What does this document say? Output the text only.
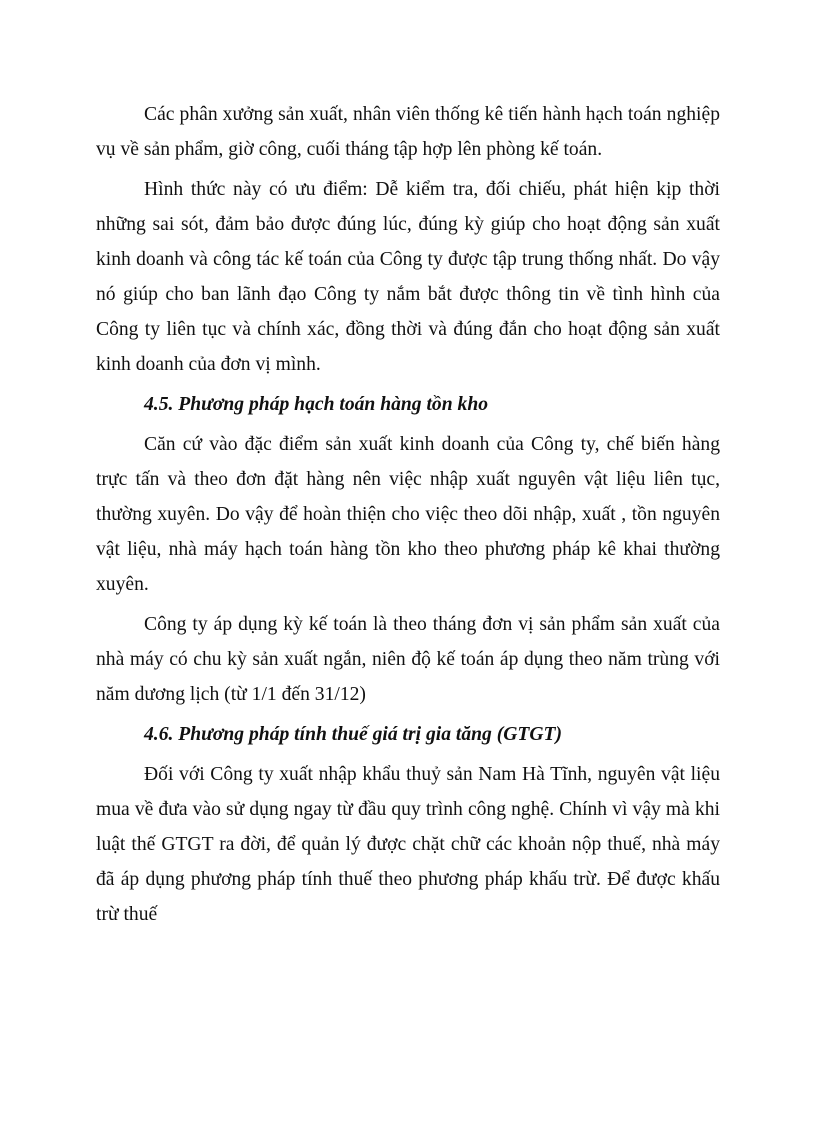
Các phân xưởng sản xuất, nhân viên thống kê tiến hành hạch toán nghiệp vụ về sản phẩm, giờ công, cuối tháng tập hợp lên phòng kế toán.

Hình thức này có ưu điểm: Dễ kiểm tra, đối chiếu, phát hiện kịp thời những sai sót, đảm bảo được đúng lúc, đúng kỳ giúp cho hoạt động sản xuất kinh doanh và công tác kế toán của Công ty được tập trung thống nhất. Do vậy nó giúp cho ban lãnh đạo Công ty nắm bắt được thông tin về tình hình của Công ty liên tục và chính xác, đồng thời và đúng đắn cho hoạt động sản xuất kinh doanh của đơn vị mình.

4.5. Phương pháp hạch toán hàng tồn kho

Căn cứ vào đặc điểm sản xuất kinh doanh của Công ty, chế biến hàng trực tấn và theo đơn đặt hàng nên việc nhập xuất nguyên vật liệu liên tục, thường xuyên. Do vậy để hoàn thiện cho việc theo dõi nhập, xuất , tồn nguyên vật liệu, nhà máy hạch toán hàng tồn kho theo phương pháp kê khai thường xuyên.

Công ty áp dụng kỳ kế toán là theo tháng đơn vị sản phẩm sản xuất của nhà máy có chu kỳ sản xuất ngắn, niên độ kế toán áp dụng theo năm trùng với năm dương lịch (từ 1/1 đến 31/12)

4.6. Phương pháp tính thuế giá trị gia tăng (GTGT)

Đối với Công ty xuất nhập khẩu thuỷ sản Nam Hà Tĩnh, nguyên vật liệu mua về đưa vào sử dụng ngay từ đầu quy trình công nghệ. Chính vì vậy mà khi luật thế GTGT ra đời, để quản lý được chặt chữ các khoản nộp thuế, nhà máy đã áp dụng phương pháp tính thuế theo phương pháp khấu trừ. Để được khấu trừ thuế
